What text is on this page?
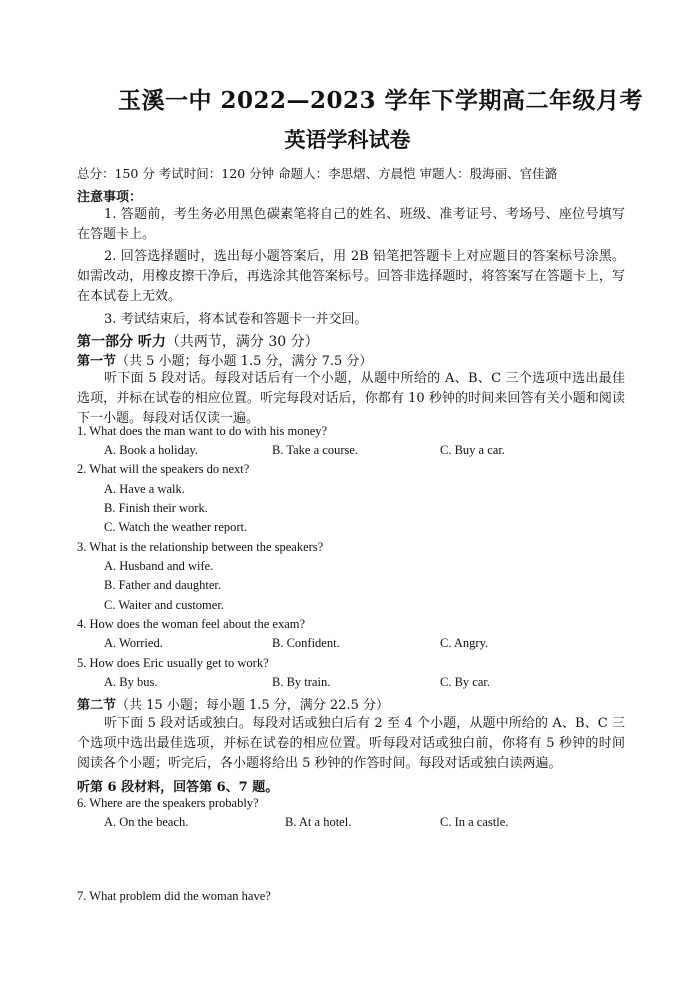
玉溪一中 2022—2023 学年下学期高二年级月考
英语学科试卷
总分：150 分 考试时间：120 分钟 命题人：李思熠、方晨恺 审题人：殷海丽、官佳潞
注意事项：
1. 答题前，考生务必用黑色碳素笔将自己的姓名、班级、准考证号、考场号、座位号填写在答题卡上。
2. 回答选择题时，选出每小题答案后，用 2B 铅笔把答题卡上对应题目的答案标号涂黑。如需改动，用橡皮擦干净后，再选涂其他答案标号。回答非选择题时，将答案写在答题卡上，写在本试卷上无效。
3. 考试结束后，将本试卷和答题卡一并交回。
第一部分 听力（共两节，满分 30 分）
第一节（共 5 小题；每小题 1.5 分，满分 7.5 分）
听下面 5 段对话。每段对话后有一个小题，从题中所给的 A、B、C 三个选项中选出最佳选项，并标在试卷的相应位置。听完每段对话后，你都有 10 秒钟的时间来回答有关小题和阅读下一小题。每段对话仅读一遍。
1. What does the man want to do with his money?
A. Book a holiday.	B. Take a course.	C. Buy a car.
2. What will the speakers do next?
A. Have a walk.
B. Finish their work.
C. Watch the weather report.
3. What is the relationship between the speakers?
A. Husband and wife.
B. Father and daughter.
C. Waiter and customer.
4. How does the woman feel about the exam?
A. Worried.	B. Confident.	C. Angry.
5. How does Eric usually get to work?
A. By bus.	B. By train.	C. By car.
第二节（共 15 小题；每小题 1.5 分，满分 22.5 分）
听下面 5 段对话或独白。每段对话或独白后有 2 至 4 个小题，从题中所给的 A、B、C 三个选项中选出最佳选项，并标在试卷的相应位置。听每段对话或独白前，你将有 5 秒钟的时间阅读各个小题；听完后，各小题将给出 5 秒钟的作答时间。每段对话或独白读两遍。
听第 6 段材料，回答第 6、7 题。
6. Where are the speakers probably?
A. On the beach.	B. At a hotel.	C. In a castle.
7. What problem did the woman have?
